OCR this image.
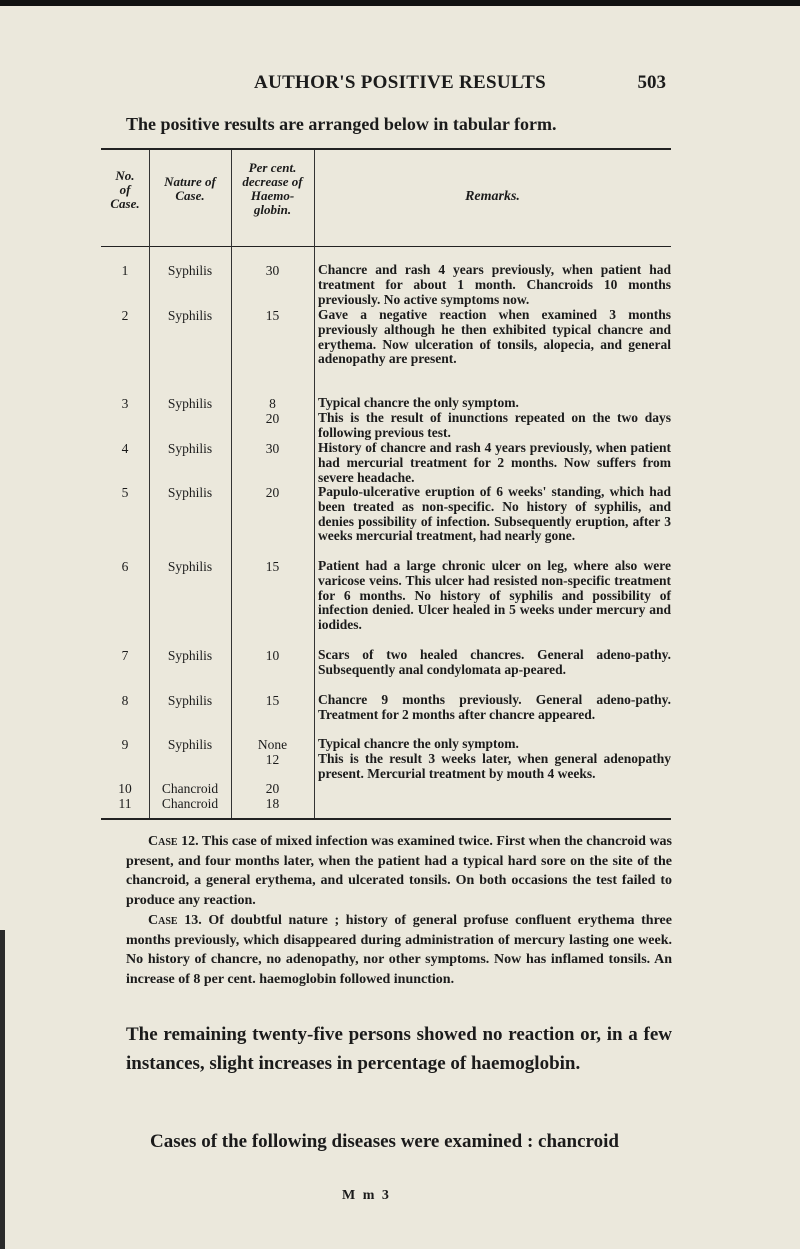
AUTHOR'S POSITIVE RESULTS	503
The positive results are arranged below in tabular form.
No.
of
Case.
Nature of
Case.
Per cent.
decrease of
Haemo-
globin.
Remarks.
1
2
3
4
5
6
7
8
9
10
11
Syphilis
Syphilis
Syphilis
Syphilis
Syphilis
Syphilis
Syphilis
Syphilis
Syphilis
Chancroid
Chancroid
30
15
8
20
30
20
15
10
15
None
12
20
18
Chancre and rash 4 years previously, when patient had treatment for about 1 month. Chancroids 10 months previously. No active symptoms now.
Gave a negative reaction when examined 3 months previously although he then exhibited typical chancre and erythema. Now ulceration of tonsils, alopecia, and general adenopathy are present.
Typical chancre the only symptom.
This is the result of inunctions repeated on the two days following previous test.
History of chancre and rash 4 years previously, when patient had mercurial treatment for 2 months. Now suffers from severe headache.
Papulo-ulcerative eruption of 6 weeks' standing, which had been treated as non-specific. No history of syphilis, and denies possibility of infection. Subsequently eruption, after 3 weeks mercurial treatment, had nearly gone.
Patient had a large chronic ulcer on leg, where also were varicose veins. This ulcer had resisted non-specific treatment for 6 months. No history of syphilis and possibility of infection denied. Ulcer healed in 5 weeks under mercury and iodides.
Scars of two healed chancres. General adeno-pathy. Subsequently anal condylomata ap-peared.
Chancre 9 months previously. General adeno-pathy. Treatment for 2 months after chancre appeared.
Typical chancre the only symptom.
This is the result 3 weeks later, when general adenopathy present. Mercurial treatment by mouth 4 weeks.
Case 12. This case of mixed infection was examined twice. First when the chancroid was present, and four months later, when the patient had a typical hard sore on the site of the chancroid, a general erythema, and ulcerated tonsils. On both occasions the test failed to produce any reaction.
Case 13. Of doubtful nature ; history of general profuse confluent erythema three months previously, which disappeared during administration of mercury lasting one week. No history of chancre, no adenopathy, nor other symptoms. Now has inflamed tonsils. An increase of 8 per cent. haemoglobin followed inunction.
The remaining twenty-five persons showed no reaction or, in a few instances, slight increases in percentage of haemoglobin.
Cases of the following diseases were examined : chancroid
M m 3
